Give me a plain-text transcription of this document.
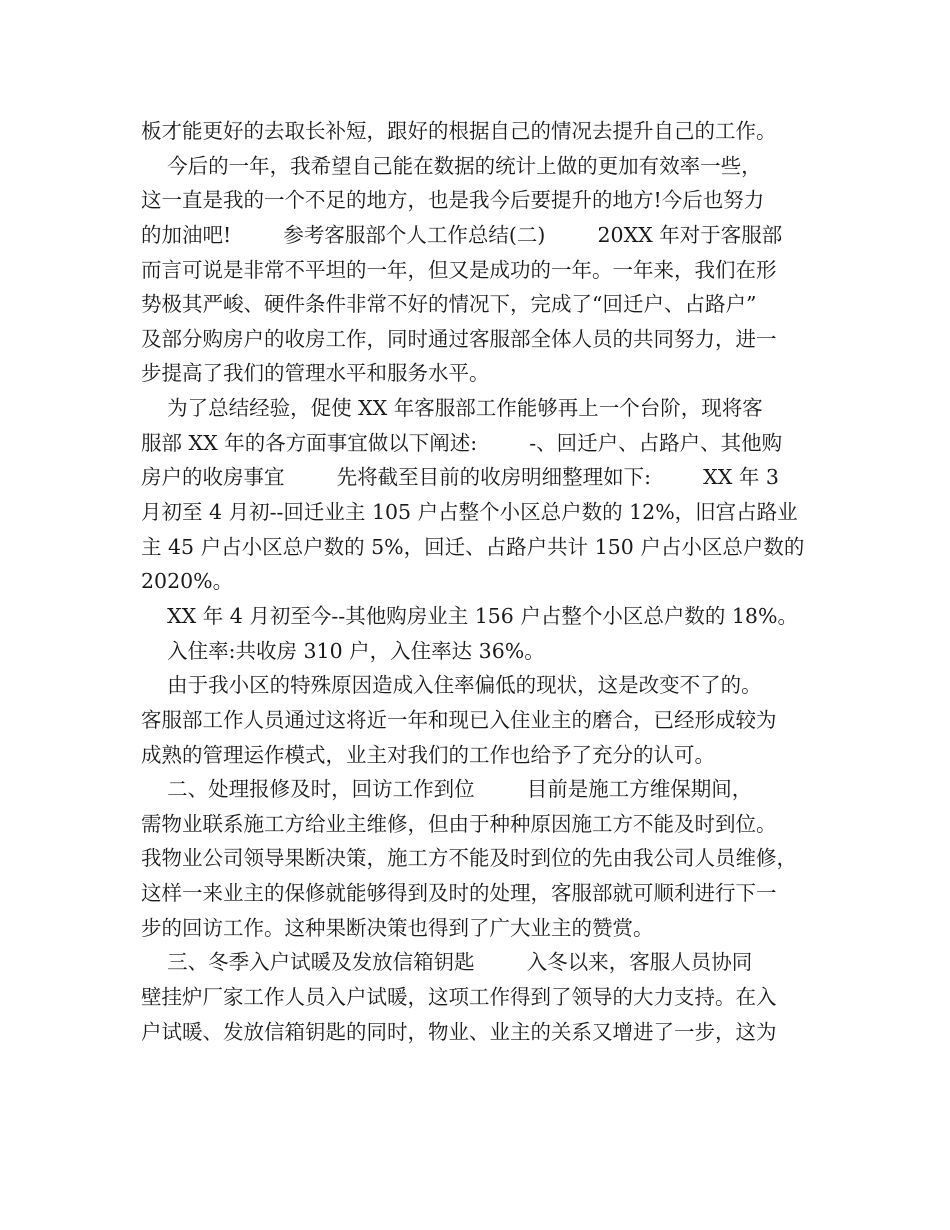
板才能更好的去取长补短，跟好的根据自己的情况去提升自己的工作。
今后的一年，我希望自己能在数据的统计上做的更加有效率一些，
这一直是我的一个不足的地方，也是我今后要提升的地方!今后也努力
的加油吧!        参考客服部个人工作总结(二)        20XX 年对于客服部
而言可说是非常不平坦的一年，但又是成功的一年。一年来，我们在形
势极其严峻、硬件条件非常不好的情况下，完成了“回迁户、占路户”
及部分购房户的收房工作，同时通过客服部全体人员的共同努力，进一
步提高了我们的管理水平和服务水平。
为了总结经验，促使 XX 年客服部工作能够再上一个台阶，现将客
服部 XX 年的各方面事宜做以下阐述:        -、回迁户、占路户、其他购
房户的收房事宜        先将截至目前的收房明细整理如下:        XX 年 3
月初至 4 月初--回迁业主 105 户占整个小区总户数的 12%，旧宫占路业
主 45 户占小区总户数的 5%，回迁、占路户共计 150 户占小区总户数的
2020%。
XX 年 4 月初至今--其他购房业主 156 户占整个小区总户数的 18%。
入住率:共收房 310 户，入住率达 36%。
由于我小区的特殊原因造成入住率偏低的现状，这是改变不了的。
客服部工作人员通过这将近一年和现已入住业主的磨合，已经形成较为
成熟的管理运作模式，业主对我们的工作也给予了充分的认可。
二、处理报修及时，回访工作到位        目前是施工方维保期间，
需物业联系施工方给业主维修，但由于种种原因施工方不能及时到位。
我物业公司领导果断决策，施工方不能及时到位的先由我公司人员维修，
这样一来业主的保修就能够得到及时的处理，客服部就可顺利进行下一
步的回访工作。这种果断决策也得到了广大业主的赞赏。
三、冬季入户试暖及发放信箱钥匙        入冬以来，客服人员协同
壁挂炉厂家工作人员入户试暖，这项工作得到了领导的大力支持。在入
户试暖、发放信箱钥匙的同时，物业、业主的关系又增进了一步，这为
